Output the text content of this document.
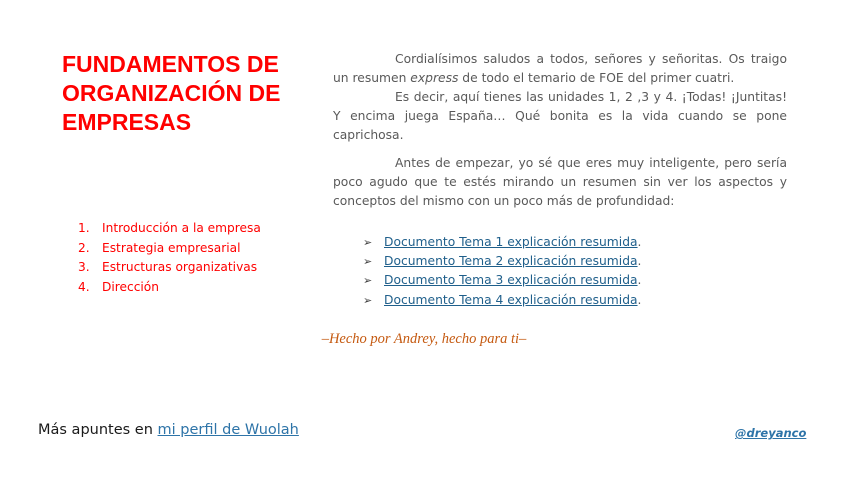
FUNDAMENTOS DE
ORGANIZACIÓN DE
EMPRESAS
1.	Introducción a la empresa
2.	Estrategia empresarial
3.	Estructuras organizativas
4.	Dirección

Cordialísimos saludos a todos, señores y señoritas. Os traigo un resumen express de todo el temario de FOE del primer cuatri.

Es decir, aquí tienes las unidades 1, 2 ,3 y 4. ¡Todas! ¡Juntitas! Y encima juega España… Qué bonita es la vida cuando se pone caprichosa.

Antes de empezar, yo sé que eres muy inteligente, pero sería poco agudo que te estés mirando un resumen sin ver los aspectos y conceptos del mismo con un poco más de profundidad:

➢ Documento Tema 1 explicación resumida .
➢ Documento Tema 2 explicación resumida .
➢ Documento Tema 3 explicación resumida .
➢ Documento Tema 4 explicación resumida .

–Hecho por Andrey, hecho para ti–

Más apuntes en mi perfil de Wuolah	@dreyanco
